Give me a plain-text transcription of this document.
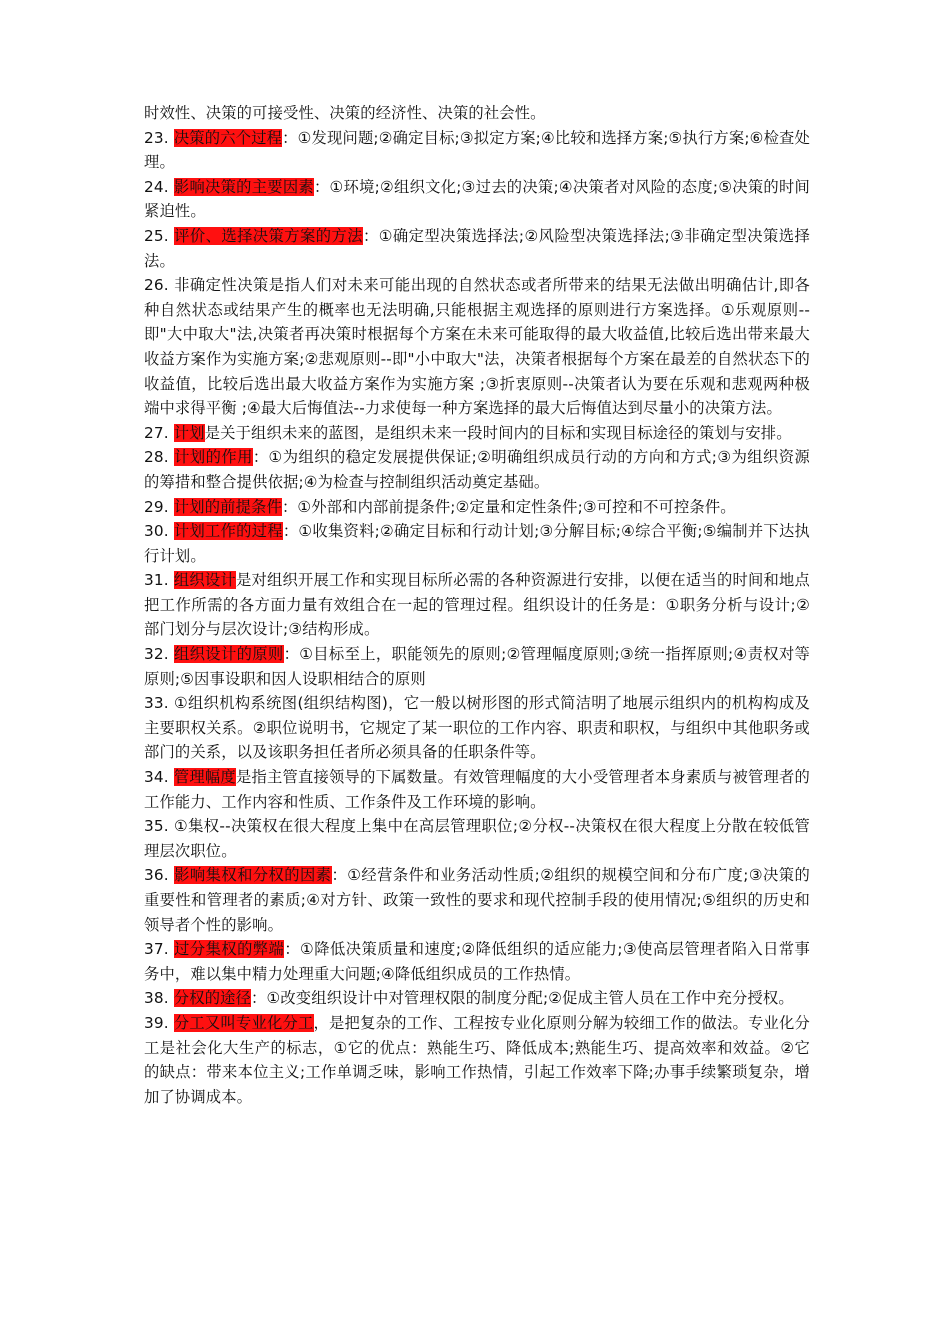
时效性、决策的可接受性、决策的经济性、决策的社会性。

23. 决策的六个过程：①发现问题;②确定目标;③拟定方案;④比较和选择方案;⑤执行方案;⑥检查处理。

24. 影响决策的主要因素：①环境;②组织文化;③过去的决策;④决策者对风险的态度;⑤决策的时间紧迫性。

25. 评价、选择决策方案的方法：①确定型决策选择法;②风险型决策选择法;③非确定型决策选择法。

26. 非确定性决策是指人们对未来可能出现的自然状态或者所带来的结果无法做出明确估计,即各种自然状态或结果产生的概率也无法明确,只能根据主观选择的原则进行方案选择。①乐观原则--即"大中取大"法,决策者再决策时根据每个方案在未来可能取得的最大收益值,比较后选出带来最大收益方案作为实施方案;②悲观原则--即"小中取大"法，决策者根据每个方案在最差的自然状态下的收益值，比较后选出最大收益方案作为实施方案 ;③折衷原则--决策者认为要在乐观和悲观两种极端中求得平衡 ;④最大后悔值法--力求使每一种方案选择的最大后悔值达到尽量小的决策方法。

27. 计划是关于组织未来的蓝图，是组织未来一段时间内的目标和实现目标途径的策划与安排。

28. 计划的作用：①为组织的稳定发展提供保证;②明确组织成员行动的方向和方式;③为组织资源的筹措和整合提供依据;④为检查与控制组织活动奠定基础。

29. 计划的前提条件：①外部和内部前提条件;②定量和定性条件;③可控和不可控条件。

30. 计划工作的过程：①收集资料;②确定目标和行动计划;③分解目标;④综合平衡;⑤编制并下达执行计划。

31. 组织设计是对组织开展工作和实现目标所必需的各种资源进行安排，以便在适当的时间和地点把工作所需的各方面力量有效组合在一起的管理过程。组织设计的任务是：①职务分析与设计;②部门划分与层次设计;③结构形成。

32. 组织设计的原则：①目标至上，职能领先的原则;②管理幅度原则;③统一指挥原则;④责权对等原则;⑤因事设职和因人设职相结合的原则

33. ①组织机构系统图(组织结构图)，它一般以树形图的形式简洁明了地展示组织内的机构构成及主要职权关系。②职位说明书，它规定了某一职位的工作内容、职责和职权，与组织中其他职务或部门的关系，以及该职务担任者所必须具备的任职条件等。

34. 管理幅度是指主管直接领导的下属数量。有效管理幅度的大小受管理者本身素质与被管理者的工作能力、工作内容和性质、工作条件及工作环境的影响。

35. ①集权--决策权在很大程度上集中在高层管理职位;②分权--决策权在很大程度上分散在较低管理层次职位。

36. 影响集权和分权的因素：①经营条件和业务活动性质;②组织的规模空间和分布广度;③决策的重要性和管理者的素质;④对方针、政策一致性的要求和现代控制手段的使用情况;⑤组织的历史和领导者个性的影响。

37. 过分集权的弊端：①降低决策质量和速度;②降低组织的适应能力;③使高层管理者陷入日常事务中，难以集中精力处理重大问题;④降低组织成员的工作热情。

38. 分权的途径：①改变组织设计中对管理权限的制度分配;②促成主管人员在工作中充分授权。

39. 分工又叫专业化分工，是把复杂的工作、工程按专业化原则分解为较细工作的做法。专业化分工是社会化大生产的标志，①它的优点：熟能生巧、降低成本;熟能生巧、提高效率和效益。②它的缺点：带来本位主义;工作单调乏味，影响工作热情，引起工作效率下降;办事手续繁琐复杂，增加了协调成本。
